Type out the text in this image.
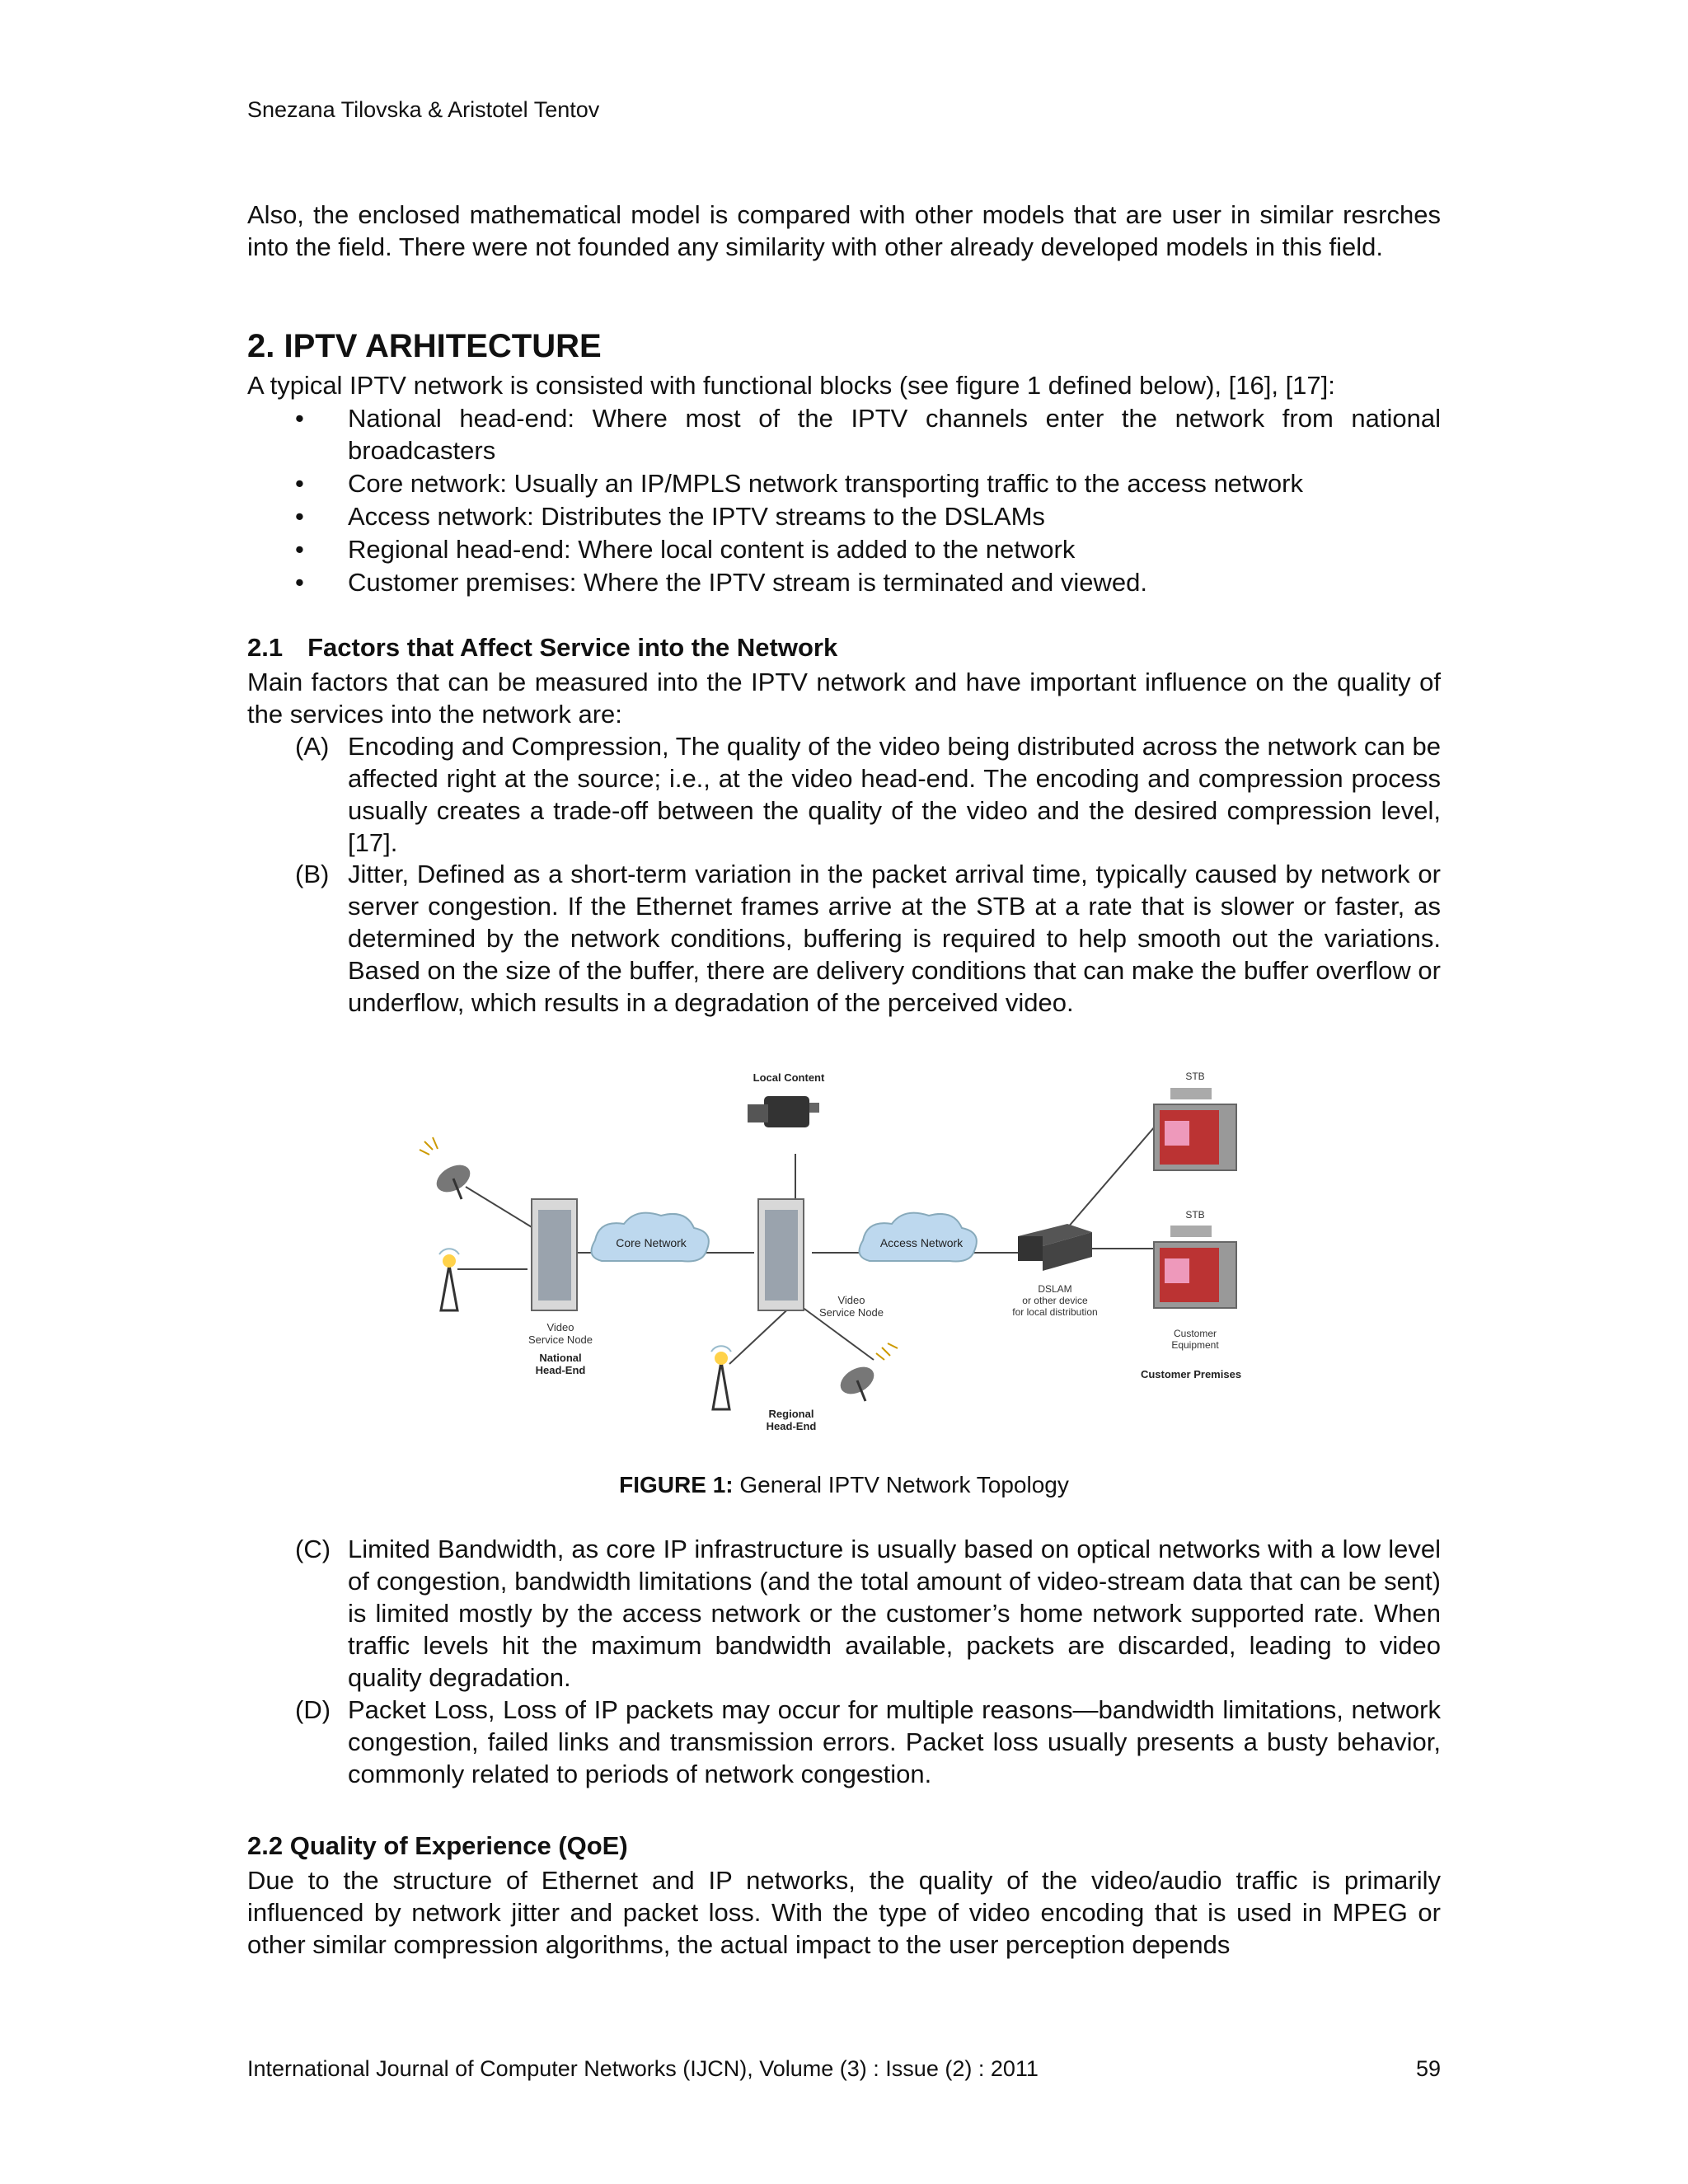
Snezana Tilovska & Aristotel Tentov
Also, the enclosed mathematical model is compared with other models that are user in similar resrches into the field. There were not founded any similarity with other already developed models in this field.
2. IPTV ARHITECTURE
A typical IPTV network is consisted with functional blocks (see figure 1 defined below), [16], [17]:
• National head-end: Where most of the IPTV channels enter the network from national broadcasters
• Core network: Usually an IP/MPLS network transporting traffic to the access network
• Access network: Distributes the IPTV streams to the DSLAMs
• Regional head-end: Where local content is added to the network
• Customer premises: Where the IPTV stream is terminated and viewed.
2.1 Factors that Affect Service into the Network
Main factors that can be measured into the IPTV network and have important influence on the quality of the services into the network are:
(A) Encoding and Compression, The quality of the video being distributed across the network can be affected right at the source; i.e., at the video head-end. The encoding and compression process usually creates a trade-off between the quality of the video and the desired compression level, [17].
(B) Jitter, Defined as a short-term variation in the packet arrival time, typically caused by network or server congestion. If the Ethernet frames arrive at the STB at a rate that is slower or faster, as determined by the network conditions, buffering is required to help smooth out the variations. Based on the size of the buffer, there are delivery conditions that can make the buffer overflow or underflow, which results in a degradation of the perceived video.
Video
Service Node
National
Head-End
Core Network
Local Content
Video
Service Node
Access Network
DSLAM
or other device
for local distribution
STB
STB
Customer
Equipment
Customer Premises
Regional
Head-End
FIGURE 1: General IPTV Network Topology
(C) Limited Bandwidth, as core IP infrastructure is usually based on optical networks with a low level of congestion, bandwidth limitations (and the total amount of video-stream data that can be sent) is limited mostly by the access network or the customer’s home network supported rate. When traffic levels hit the maximum bandwidth available, packets are discarded, leading to video quality degradation.
(D) Packet Loss, Loss of IP packets may occur for multiple reasons—bandwidth limitations, network congestion, failed links and transmission errors. Packet loss usually presents a busty behavior, commonly related to periods of network congestion.
2.2 Quality of Experience (QoE)
Due to the structure of Ethernet and IP networks, the quality of the video/audio traffic is primarily influenced by network jitter and packet loss. With the type of video encoding that is used in MPEG or other similar compression algorithms, the actual impact to the user perception depends
International Journal of Computer Networks (IJCN), Volume (3) : Issue (2) : 2011	59
